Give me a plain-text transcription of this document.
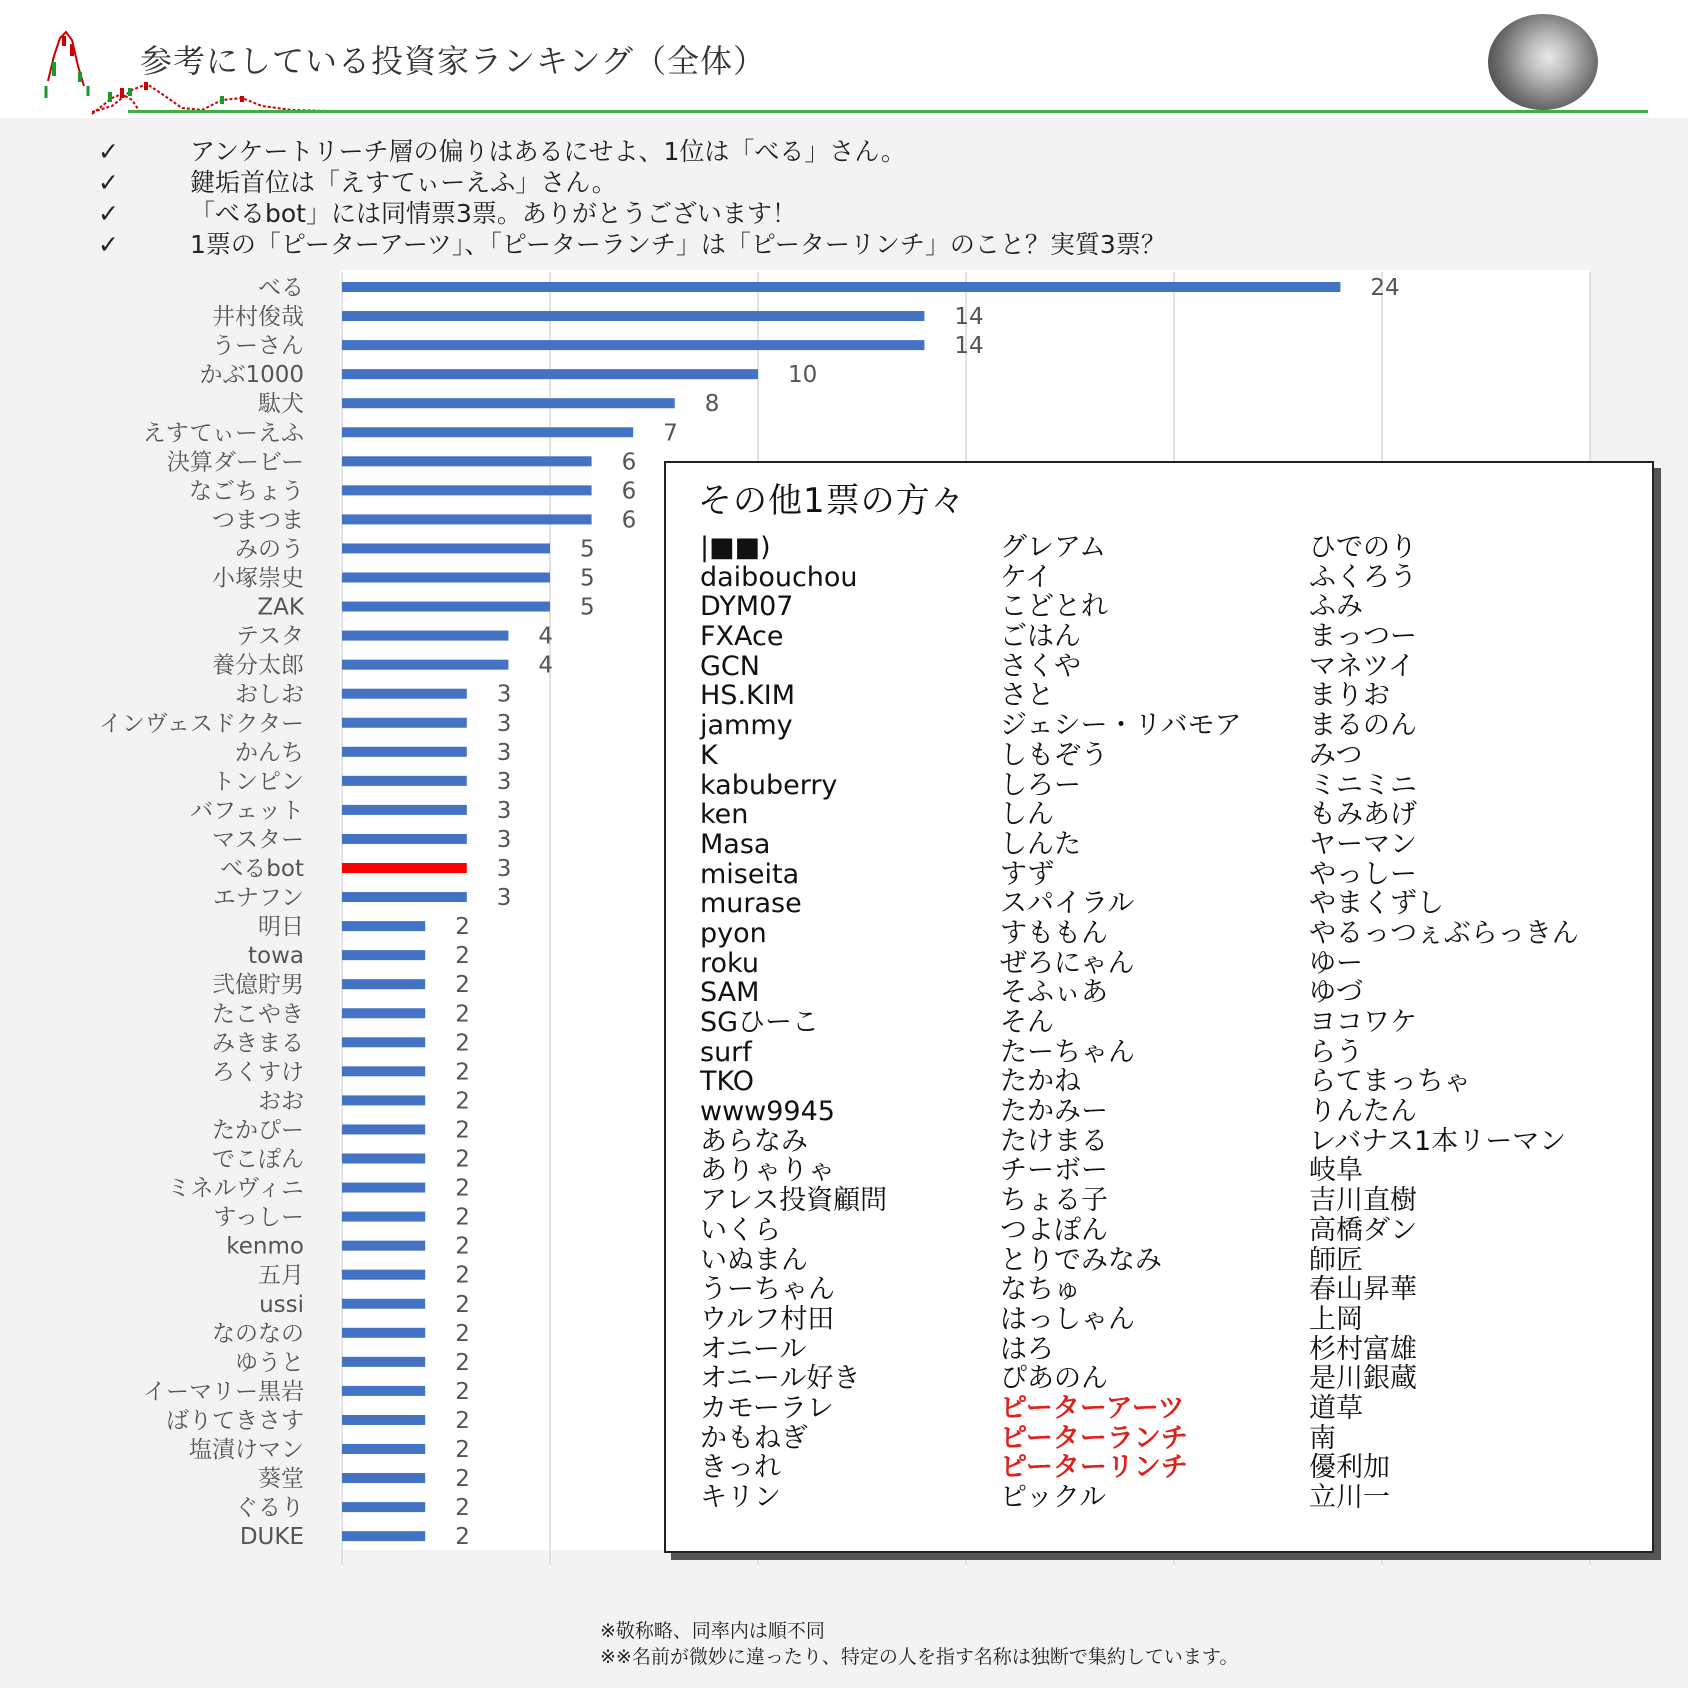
参考にしている投資家ランキング（全体）
✓	アンケートリーチ層の偏りはあるにせよ、1位は「べる」さん。
✓	鍵垢首位は「えすてぃーえふ」さん。
✓	「べるbot」には同情票3票。ありがとうございます！
✓	1票の「ピーターアーツ」、「ピーターランチ」は「ピーターリンチ」のこと？実質3票？
べる	24
井村俊哉	14
うーさん	14
かぶ1000	10
駄犬	8
えすてぃーえふ	7
決算ダービー	6
なごちょう	6
つまつま	6
みのう	5
小塚崇史	5
ZAK	5
テスタ	4
養分太郎	4
おしお	3
インヴェスドクター	3
かんち	3
トンピン	3
バフェット	3
マスター	3
べるbot	3
エナフン	3
明日	2
towa	2
弐億貯男	2
たこやき	2
みきまる	2
ろくすけ	2
おお	2
たかぴー	2
でこぽん	2
ミネルヴィニ	2
すっしー	2
kenmo	2
五月	2
ussi	2
なのなの	2
ゆうと	2
イーマリー黒岩	2
ばりてきさす	2
塩漬けマン	2
葵堂	2
ぐるり	2
DUKE	2
その他1票の方々
|■■)
daibouchou
DYM07
FXAce
GCN
HS.KIM
jammy
K
kabuberry
ken
Masa
miseita
murase
pyon
roku
SAM
SGひーこ
surf
TKO
www9945
あらなみ
ありゃりゃ
アレス投資顧問
いくら
いぬまん
うーちゃん
ウルフ村田
オニール
オニール好き
カモーラレ
かもねぎ
きっれ
キリン
グレアム
ケイ
こどとれ
ごはん
さくや
さと
ジェシー・リバモア
しもぞう
しろー
しん
しんた
すず
スパイラル
すももん
ぜろにゃん
そふぃあ
そん
たーちゃん
たかね
たかみー
たけまる
チーボー
ちょる子
つよぽん
とりでみなみ
なちゅ
はっしゃん
はろ
ぴあのん
ピーターアーツ
ピーターランチ
ピーターリンチ
ピックル
ひでのり
ふくろう
ふみ
まっつー
マネツイ
まりお
まるのん
みつ
ミニミニ
もみあげ
ヤーマン
やっしー
やまくずし
やるっつぇぶらっきん
ゆー
ゆづ
ヨコワケ
らう
らてまっちゃ
りんたん
レバナス1本リーマン
岐阜
吉川直樹
高橋ダン
師匠
春山昇華
上岡
杉村富雄
是川銀蔵
道草
南
優利加
立川一
※敬称略、同率内は順不同
※※名前が微妙に違ったり、特定の人を指す名称は独断で集約しています。
